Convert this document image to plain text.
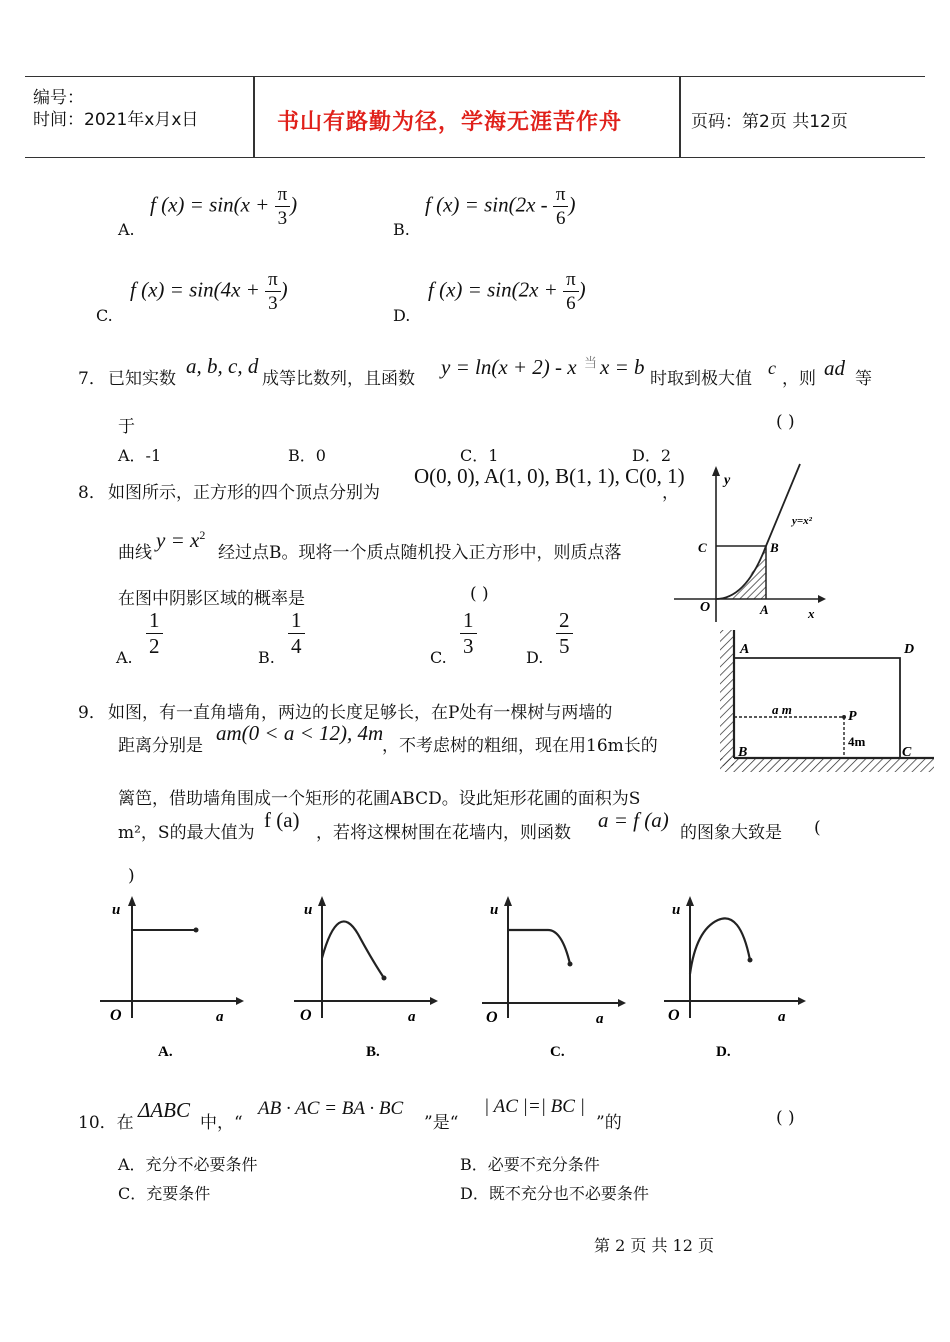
编号：
时间：2021年x月x日	书山有路勤为径，学海无涯苦作舟	页码：第2页 共12页
A.
f $(x) = \sin(x + \frac{\pi}{3}$ )
B.
f $(x) = \sin(2x - \frac{\pi}{6}$ )
C.
f $(x) = \sin(4x + \frac{\pi}{3}$ )
D.
f $(x) = \sin(2x + \frac{\pi}{6}$ )
7． 已知实数
a, b, c, d
成等比数列，且函数 y = ln(x + 2) - x 当 x = b 时取到极大值
c
，则 ad 等
于	( )
A．-1	B．0	C．1	D．2
8． 如图所示，正方形的四个顶点分别为
O(0, 0), A(1, 0), B(1, 1), C(0, 1)
，
曲线
$y = x^2$
经过点B。现将一个质点随机投入正方形中，则质点落
在图中阴影区域的概率是	( )
A.
$\frac{1}{2}$
B.
$\frac{1}{4}$
C.
$\frac{1}{3}$
D.
$\frac{2}{5}$
y
x
O	A
B
C
y=x²
A	D
B	C
P
a m
4m
9． 如图，有一直角墙角，两边的长度足够长，在P处有一棵树与两墙的
距离分别是
am(0 < a < 12), 4m
，不考虑树的粗细，现在用16m长的
篱笆，借助墙角围成一个矩形的花圃ABCD。设此矩形花圃的面积为S
m²，S的最大值为
f (a)
，若将这棵树围在花墙内，则函数
a = f (a)
的图象大致是 (
)
u
O	a
A.
u
O	a
B.
u
O	a
C.
u
O	a
D.
10．在
ΔABC
中，“
AB · AC = BA · BC
”是“
| AC |=| BC |
”的	( )
A．充分不必要条件	B．必要不充分条件
C．充要条件	D．既不充分也不必要条件
第 2 页 共 12 页
